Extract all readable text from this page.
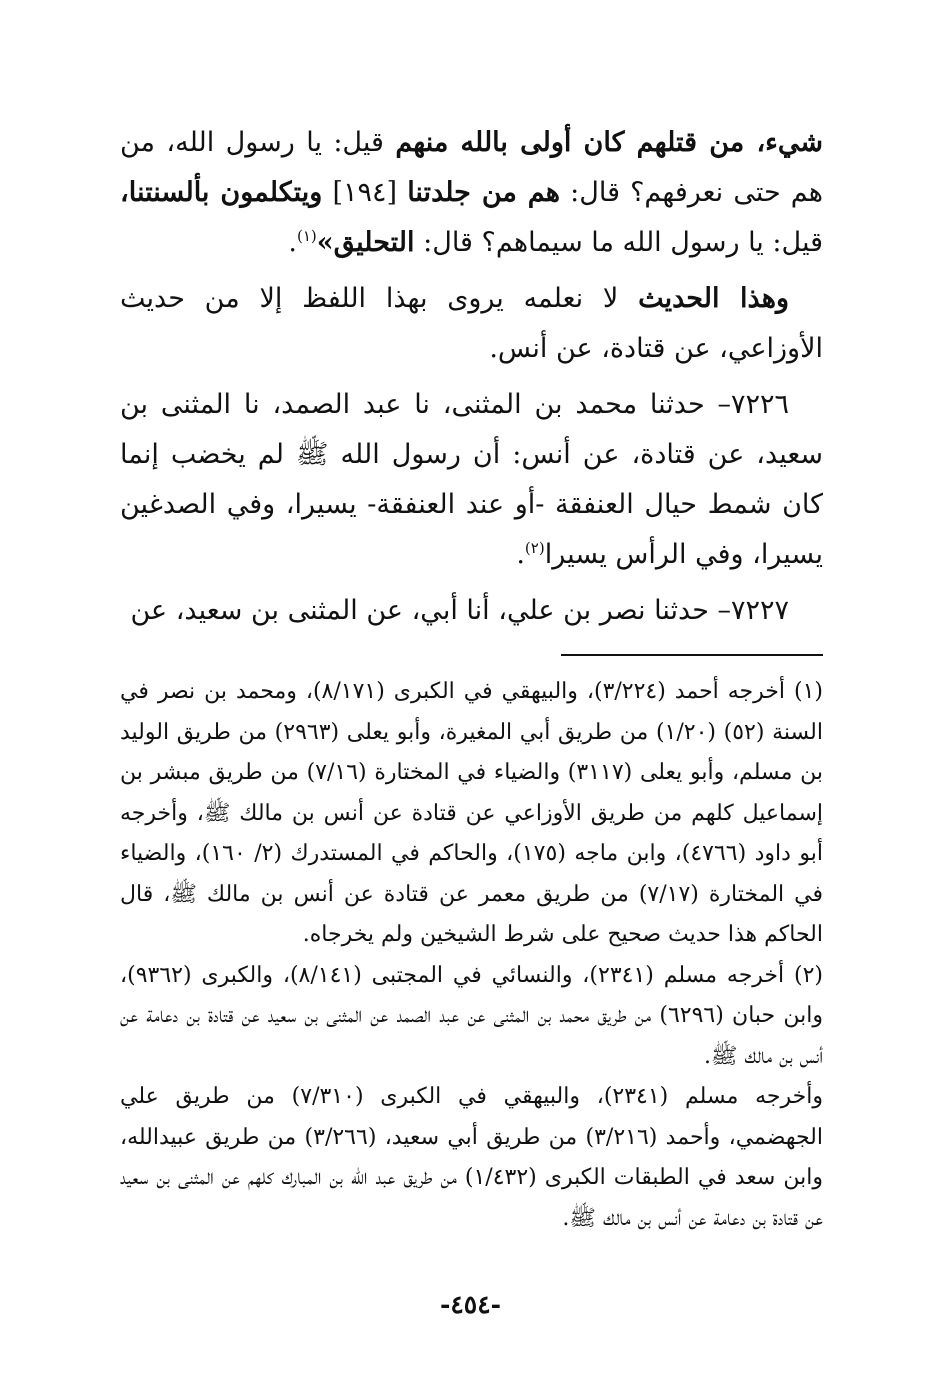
شيء، من قتلهم كان أولى بالله منهم قيل: يا رسول الله، من هم حتى نعرفهم؟ قال: هم من جلدتنا [١٩٤] ويتكلمون بألسنتنا، قيل: يا رسول الله ما سيماهم؟ قال: التحليق»$^{(١)}$.

وهذا الحديث لا نعلمه يروى بهذا اللفظ إلا من حديث الأوزاعي، عن قتادة، عن أنس.

٧٢٢٦– حدثنا محمد بن المثنى، نا عبد الصمد، نا المثنى بن سعيد، عن قتادة، عن أنس: أن رسول الله ﷺ لم يخضب إنما كان شمط حيال العنفقة -أو عند العنفقة- يسيرا، وفي الصدغين يسيرا، وفي الرأس يسيرا$^{(٢)}$.

٧٢٢٧– حدثنا نصر بن علي، أنا أبي، عن المثنى بن سعيد، عن

(١) أخرجه أحمد (٣/٢٢٤)، والبيهقي في الكبرى (٨/١٧١)، ومحمد بن نصر في السنة (٥٢) (١/٢٠) من طريق أبي المغيرة، وأبو يعلى (٢٩٦٣) من طريق الوليد بن مسلم، وأبو يعلى (٣١١٧) والضياء في المختارة (٧/١٦) من طريق مبشر بن إسماعيل كلهم من طريق الأوزاعي عن قتادة عن أنس بن مالك ﷺ، وأخرجه أبو داود (٤٧٦٦)، وابن ماجه (١٧٥)، والحاكم في المستدرك (٢/ ١٦٠)، والضياء في المختارة (٧/١٧) من طريق معمر عن قتادة عن أنس بن مالك ﷺ، قال الحاكم هذا حديث صحيح على شرط الشيخين ولم يخرجاه.

(٢) أخرجه مسلم (٢٣٤١)، والنسائي في المجتبى (٨/١٤١)، والكبرى (٩٣٦٢)، وابن حبان (٦٢٩٦) من طريق محمد بن المثنى عن عبد الصمد عن المثنى بن سعيد عن قتادة بن دعامة عن أنس بن مالك ﷺ.

وأخرجه مسلم (٢٣٤١)، والبيهقي في الكبرى (٧/٣١٠) من طريق علي الجهضمي، وأحمد (٣/٢١٦) من طريق أبي سعيد، (٣/٢٦٦) من طريق عبيدالله، وابن سعد في الطبقات الكبرى (١/٤٣٢) من طريق عبد الله بن المبارك كلهم عن المثنى بن سعيد عن قتادة بن دعامة عن أنس بن مالك ﷺ.

-٤٥٤-
